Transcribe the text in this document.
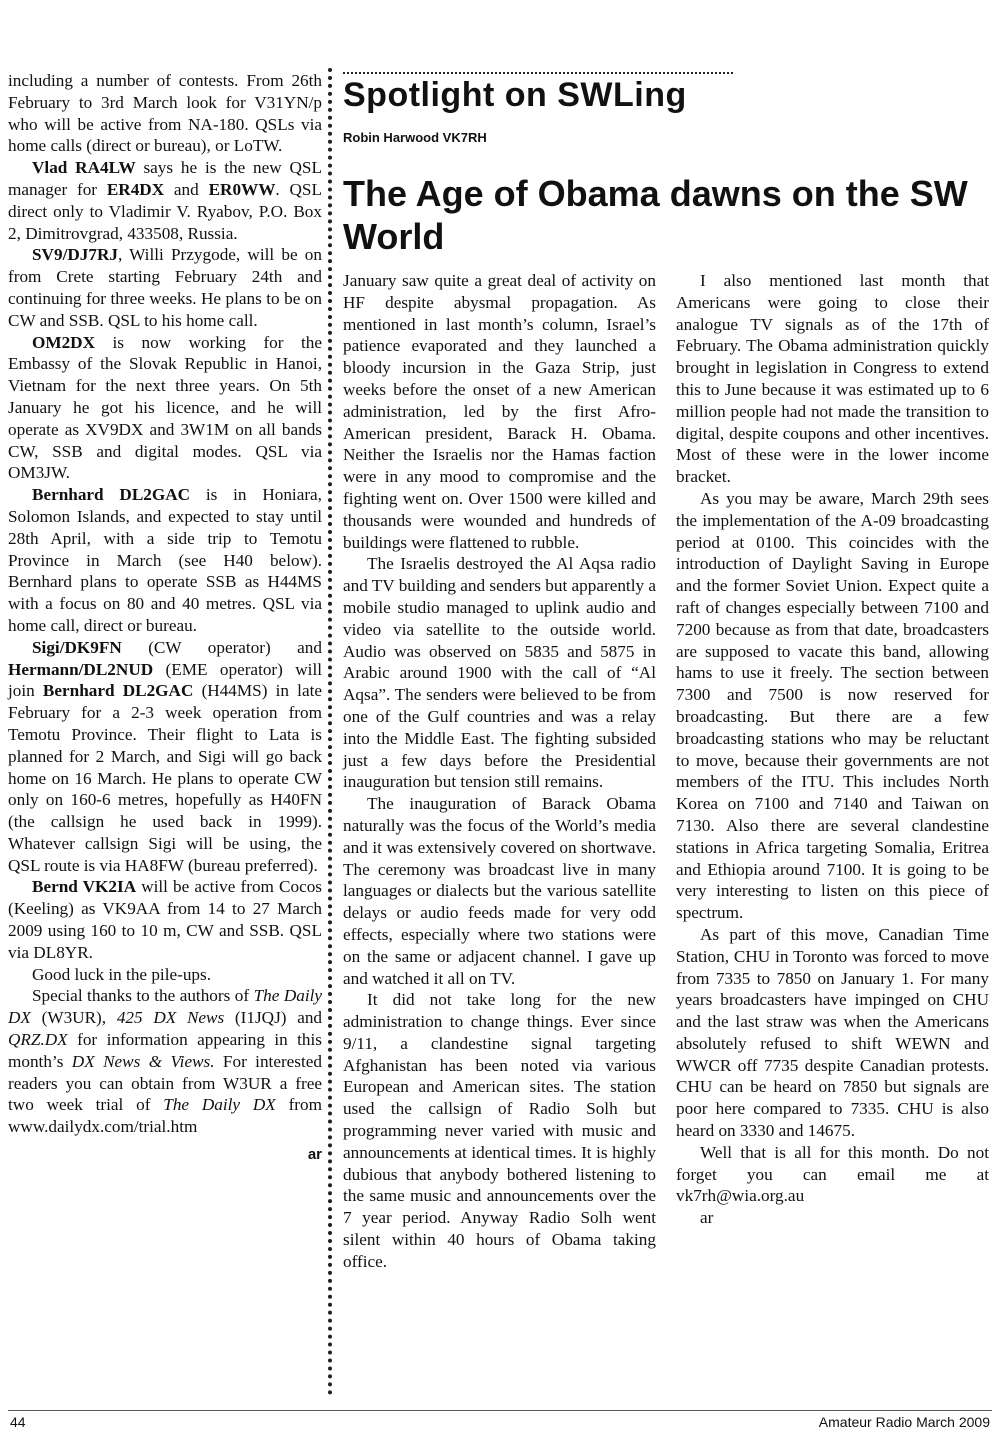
including a number of contests. From 26th February to 3rd March look for V31YN/p who will be active from NA-180. QSLs via home calls (direct or bureau), or LoTW.

Vlad RA4LW says he is the new QSL manager for ER4DX and ER0WW. QSL direct only to Vladimir V. Ryabov, P.O. Box 2, Dimitrovgrad, 433508, Russia.

SV9/DJ7RJ, Willi Przygode, will be on from Crete starting February 24th and continuing for three weeks. He plans to be on CW and SSB. QSL to his home call.

OM2DX is now working for the Embassy of the Slovak Republic in Hanoi, Vietnam for the next three years. On 5th January he got his licence, and he will operate as XV9DX and 3W1M on all bands CW, SSB and digital modes. QSL via OM3JW.

Bernhard DL2GAC is in Honiara, Solomon Islands, and expected to stay until 28th April, with a side trip to Temotu Province in March (see H40 below). Bernhard plans to operate SSB as H44MS with a focus on 80 and 40 metres. QSL via home call, direct or bureau.

Sigi/DK9FN (CW operator) and Hermann/DL2NUD (EME operator) will join Bernhard DL2GAC (H44MS) in late February for a 2-3 week operation from Temotu Province. Their flight to Lata is planned for 2 March, and Sigi will go back home on 16 March. He plans to operate CW only on 160-6 metres, hopefully as H40FN (the callsign he used back in 1999). Whatever callsign Sigi will be using, the QSL route is via HA8FW (bureau preferred).

Bernd VK2IA will be active from Cocos (Keeling) as VK9AA from 14 to 27 March 2009 using 160 to 10 m, CW and SSB. QSL via DL8YR.

Good luck in the pile-ups.

Special thanks to the authors of The Daily DX (W3UR), 425 DX News (I1JQJ) and QRZ.DX for information appearing in this month’s DX News & Views. For interested readers you can obtain from W3UR a free two week trial of The Daily DX from www.dailydx.com/trial.htm

ar
Spotlight on SWLing
Robin Harwood VK7RH
The Age of Obama dawns on the SW World

January saw quite a great deal of activity on HF despite abysmal propagation. As mentioned in last month’s column, Israel’s patience evaporated and they launched a bloody incursion in the Gaza Strip, just weeks before the onset of a new American administration, led by the first Afro-American president, Barack H. Obama. Neither the Israelis nor the Hamas faction were in any mood to compromise and the fighting went on. Over 1500 were killed and thousands were wounded and hundreds of buildings were flattened to rubble.

The Israelis destroyed the Al Aqsa radio and TV building and senders but apparently a mobile studio managed to uplink audio and video via satellite to the outside world. Audio was observed on 5835 and 5875 in Arabic around 1900 with the call of “Al Aqsa”. The senders were believed to be from one of the Gulf countries and was a relay into the Middle East. The fighting subsided just a few days before the Presidential inauguration but tension still remains.

The inauguration of Barack Obama naturally was the focus of the World’s media and it was extensively covered on shortwave. The ceremony was broadcast live in many languages or dialects but the various satellite delays or audio feeds made for very odd effects, especially where two stations were on the same or adjacent channel. I gave up and watched it all on TV.

It did not take long for the new administration to change things. Ever since 9/11, a clandestine signal targeting Afghanistan has been noted via various European and American sites. The station used the callsign of Radio Solh but programming never varied with music and announcements at identical times. It is highly dubious that anybody bothered listening to the same music and announcements over the 7 year period. Anyway Radio Solh went silent within 40 hours of Obama taking office.

I also mentioned last month that Americans were going to close their analogue TV signals as of the 17th of February. The Obama administration quickly brought in legislation in Congress to extend this to June because it was estimated up to 6 million people had not made the transition to digital, despite coupons and other incentives. Most of these were in the lower income bracket.

As you may be aware, March 29th sees the implementation of the A-09 broadcasting period at 0100. This coincides with the introduction of Daylight Saving in Europe and the former Soviet Union. Expect quite a raft of changes especially between 7100 and 7200 because as from that date, broadcasters are supposed to vacate this band, allowing hams to use it freely. The section between 7300 and 7500 is now reserved for broadcasting. But there are a few broadcasting stations who may be reluctant to move, because their governments are not members of the ITU. This includes North Korea on 7100 and 7140 and Taiwan on 7130. Also there are several clandestine stations in Africa targeting Somalia, Eritrea and Ethiopia around 7100. It is going to be very interesting to listen on this piece of spectrum.

As part of this move, Canadian Time Station, CHU in Toronto was forced to move from 7335 to 7850 on January 1. For many years broadcasters have impinged on CHU and the last straw was when the Americans absolutely refused to shift WEWN and WWCR off 7735 despite Canadian protests. CHU can be heard on 7850 but signals are poor here compared to 7335. CHU is also heard on 3330 and 14675.

Well that is all for this month. Do not forget you can email me at vk7rh@wia.org.au

ar

44	Amateur Radio March 2009
